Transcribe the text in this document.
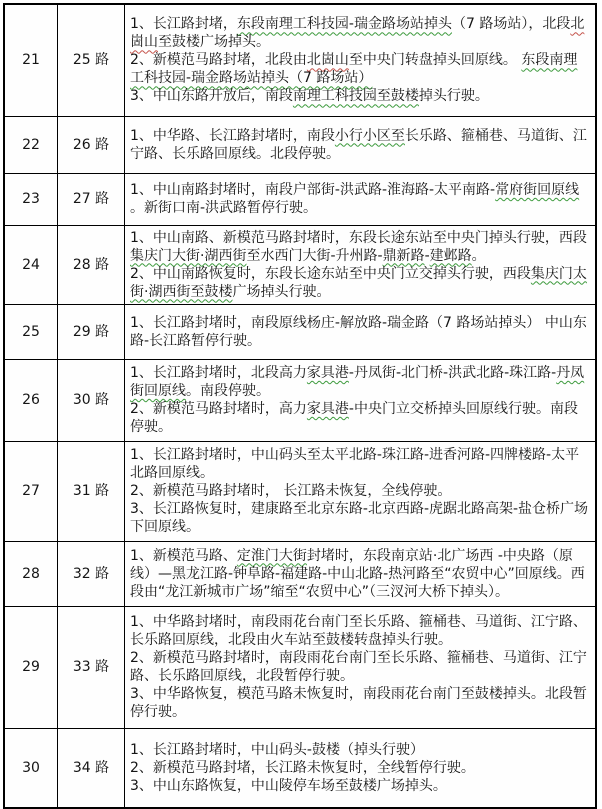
21	25 路	1、长江路封堵，东段南理工科技园-瑞金路场站掉头（7 路场站），北段北崮山至鼓楼广场掉头。
2、新模范马路封堵，北段由北崮山至中央门转盘掉头回原线。 东段南理工科技园-瑞金路场站掉头（7 路场站）
3、中山东路开放后，南段南理工科技园至鼓楼掉头行驶。

22	26 路	1、中华路、长江路封堵时，南段小行小区至长乐路、箍桶巷、马道街、江宁路、长乐路回原线。北段停驶。

23	27 路	1、中山南路封堵时，南段户部街-洪武路-淮海路-太平南路-常府街回原线 。新街口南-洪武路暂停行驶。

24	28 路	1、中山南路、新模范马路封堵时，东段长途东站至中央门掉头行驶，西段集庆门大街·湖西街至水西门大街-升州路-鼎新路-建邺路。
2、中山南路恢复时，东段长途东站至中央门立交掉头行驶，西段集庆门太街·湖西街至鼓楼广场掉头行驶。

25	29 路	1、长江路封堵时，南段原线杨庄-解放路-瑞金路（7 路场站掉头） 中山东路-长江路暂停行驶。

26	30 路	1、长江路封堵时，北段高力家具港-丹凤街-北门桥-洪武北路-珠江路-丹凤街回原线。南段停驶。
2、新模范马路封堵时，高力家具港-中央门立交桥掉头回原线行驶。南段停驶。

27	31 路	1、长江路封堵时，中山码头至太平北路-珠江路-进香河路-四牌楼路-太平北路回原线。
2、新模范马路封堵时， 长江路未恢复，全线停驶。
3、长江路恢复时，建康路至北京东路-北京西路-虎踞北路高架-盐仓桥广场下回原线。

28	32 路	1、新模范马路、定淮门大街封堵时，东段南京站·北广场西 -中央路（原线）—黑龙江路-钟阜路-福建路-中山北路-热河路至“农贸中心”回原线。西段由“龙江新城市广场”缩至“农贸中心”（三汊河大桥下掉头）。

29	33 路	1、中华路封堵时，南段雨花台南门至长乐路、箍桶巷、马道街、江宁路、长乐路回原线，北段由火车站至鼓楼转盘掉头行驶。
2、新模范马路封堵时，南段雨花台南门至长乐路、箍桶巷、马道街、江宁路、长乐路回原线，北段暂停行驶。
3、中华路恢复，模范马路未恢复时，南段雨花台南门至鼓楼掉头。北段暂停行驶。

30	34 路	1、长江路封堵时，中山码头-鼓楼（掉头行驶）
2、新模范马路封堵，长江路未恢复时，全线暂停行驶。
3、中山东路恢复，中山陵停车场至鼓楼广场掉头。
